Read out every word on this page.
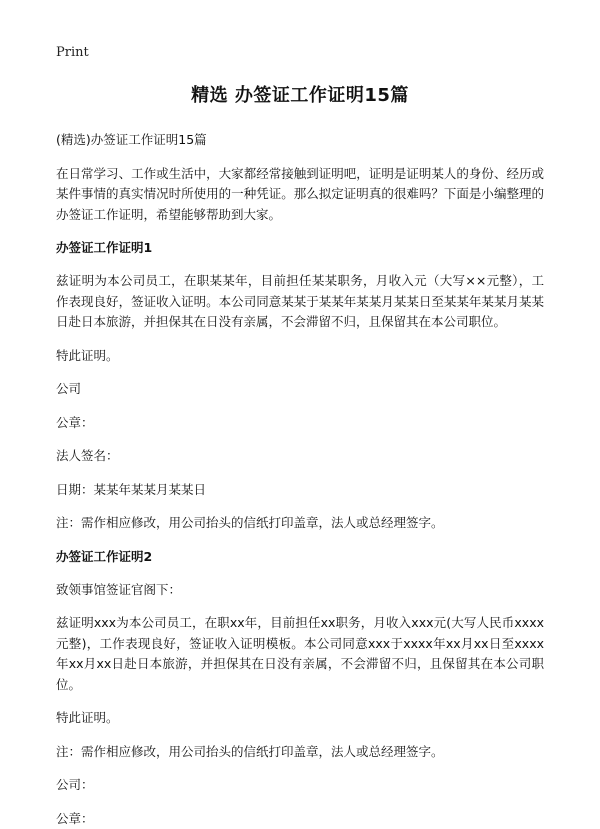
Print
精选 办签证工作证明15篇

(精选)办签证工作证明15篇

在日常学习、工作或生活中，大家都经常接触到证明吧，证明是证明某人的身份、经历或某件事情的真实情况时所使用的一种凭证。那么拟定证明真的很难吗？下面是小编整理的办签证工作证明，希望能够帮助到大家。

办签证工作证明1

兹证明为本公司员工，在职某某年，目前担任某某职务，月收入元（大写××元整），工作表现良好，签证收入证明。本公司同意某某于某某年某某月某某日至某某年某某月某某日赴日本旅游，并担保其在日没有亲属，不会滞留不归，且保留其在本公司职位。

特此证明。

公司

公章：

法人签名：

日期：某某年某某月某某日

注：需作相应修改，用公司抬头的信纸打印盖章，法人或总经理签字。

办签证工作证明2

致领事馆签证官阁下：

兹证明xxx为本公司员工，在职xx年，目前担任xx职务，月收入xxx元(大写人民币xxxx元整)，工作表现良好，签证收入证明模板。本公司同意xxx于xxxx年xx月xx日至xxxx年xx月xx日赴日本旅游，并担保其在日没有亲属，不会滞留不归，且保留其在本公司职位。

特此证明。

注：需作相应修改，用公司抬头的信纸打印盖章，法人或总经理签字。

公司：

公章：
